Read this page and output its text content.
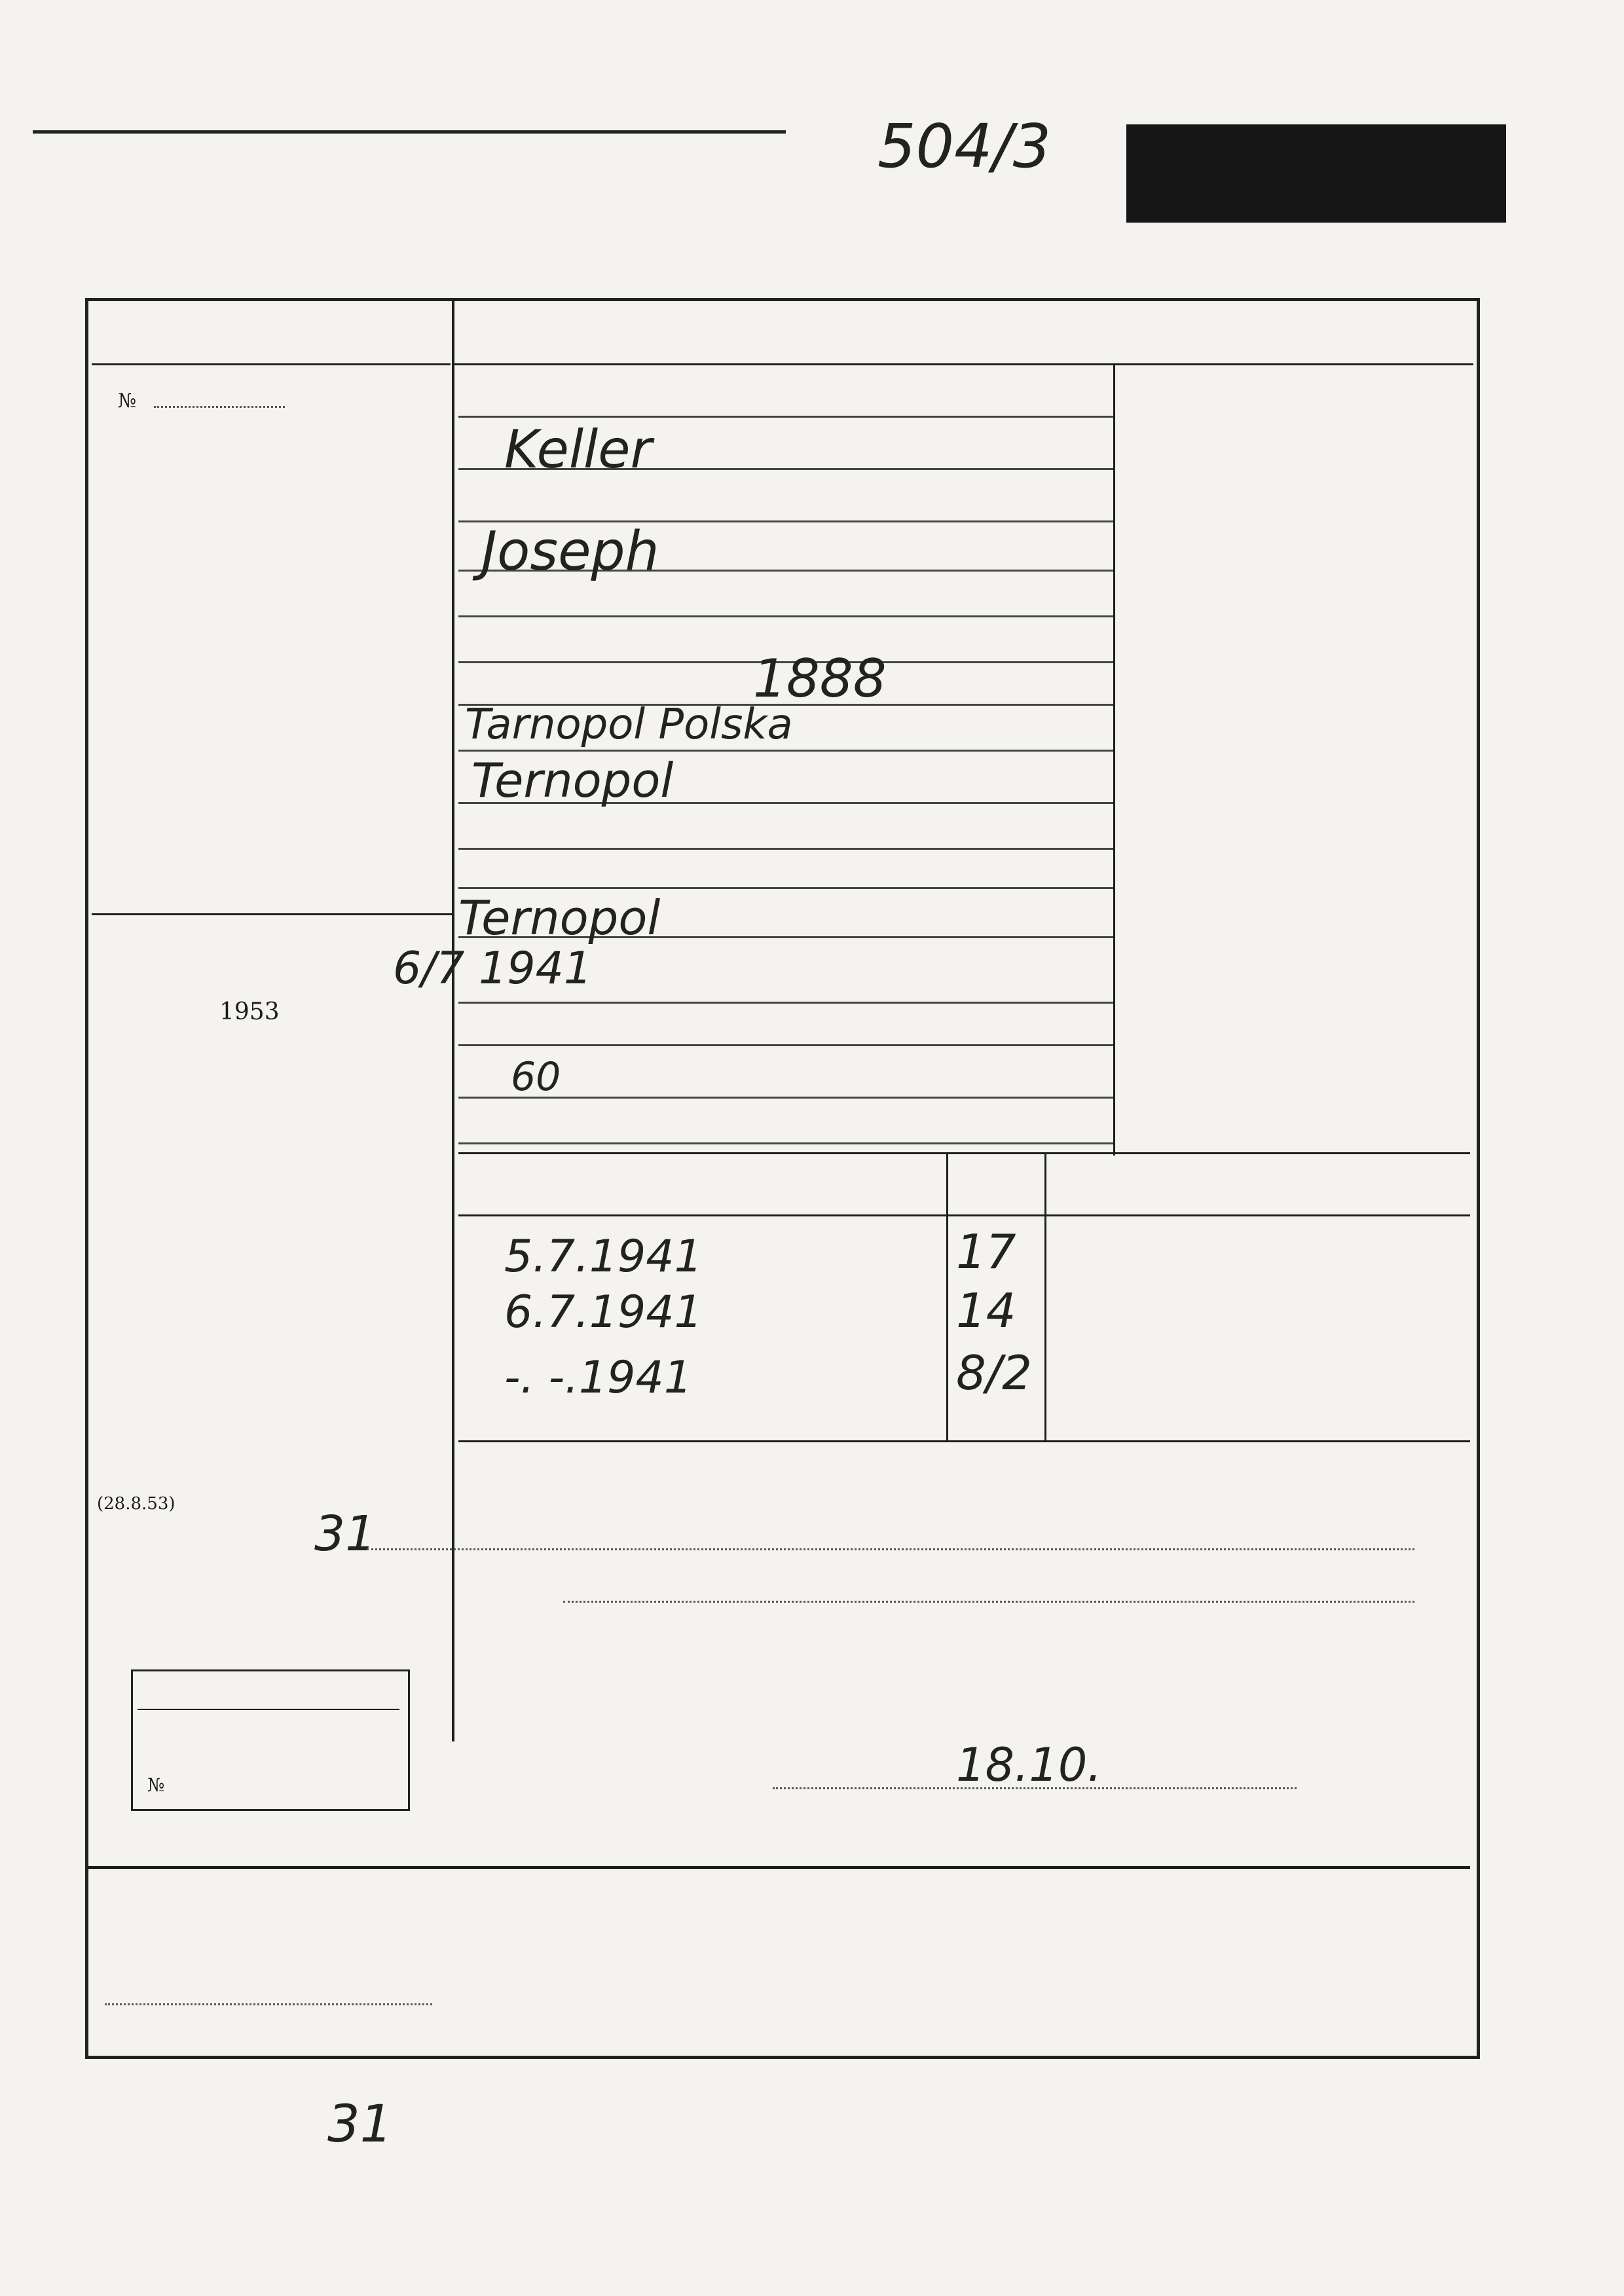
504/3
№
1953
(28.8.53)
№
Keller
Joseph
1888
Tarnopol Polska
Ternopol
Ternopol
6/7 1941
60
17
5.7.1941
14
6.7.1941
8/2
-. -.1941
31
18.10.
31
